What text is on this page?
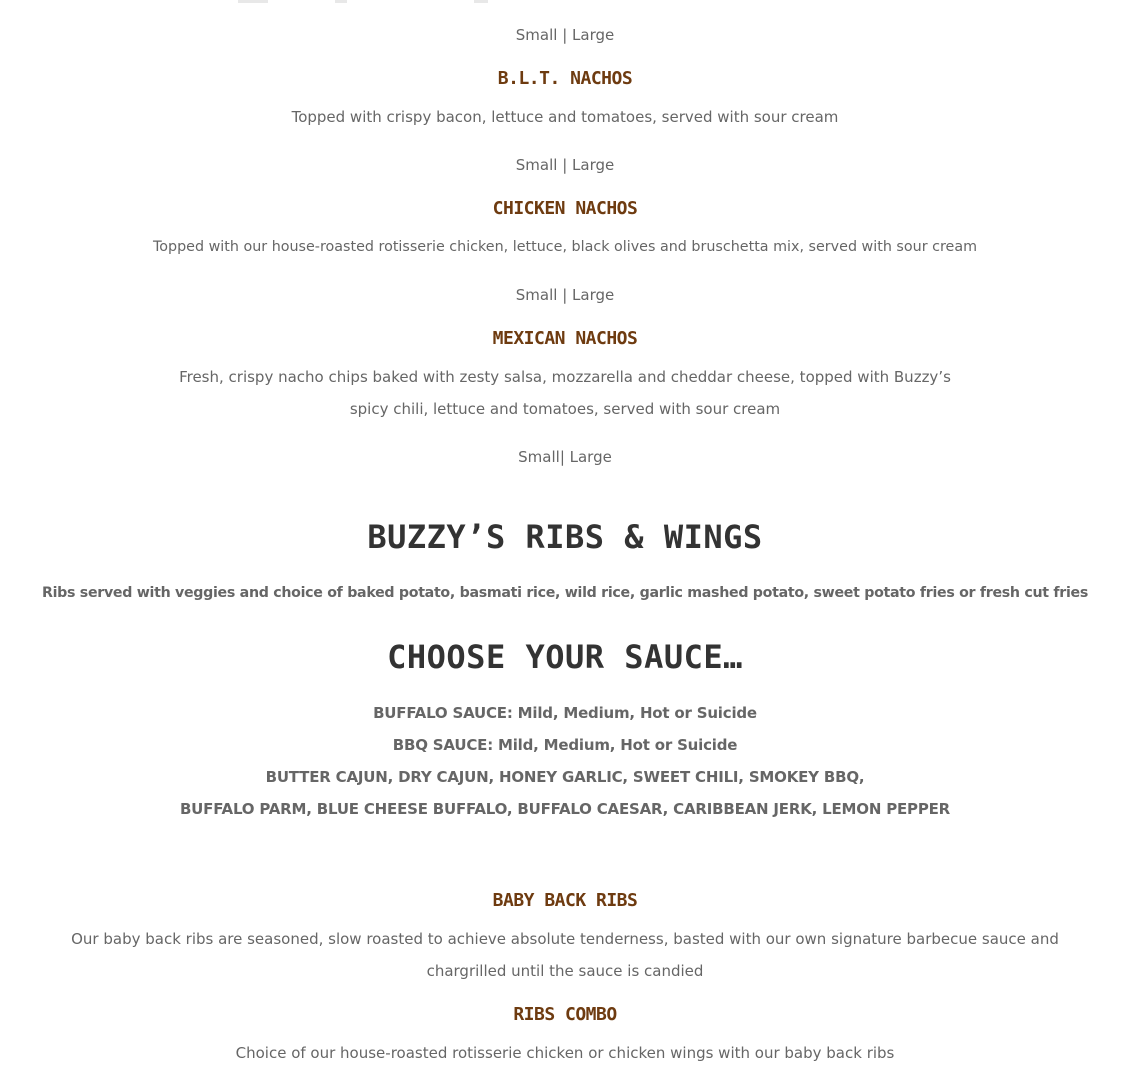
Small | Large
B.L.T. NACHOS
Topped with crispy bacon, lettuce and tomatoes, served with sour cream
Small | Large
CHICKEN NACHOS
Topped with our house-roasted rotisserie chicken, lettuce, black olives and bruschetta mix, served with sour cream
Small | Large
MEXICAN NACHOS
Fresh, crispy nacho chips baked with zesty salsa, mozzarella and cheddar cheese, topped with Buzzy’s
spicy chili, lettuce and tomatoes, served with sour cream
Small| Large
BUZZY’S RIBS & WINGS
Ribs served with veggies and choice of baked potato, basmati rice, wild rice, garlic mashed potato, sweet potato fries or fresh cut fries
CHOOSE YOUR SAUCE…
BUFFALO SAUCE: Mild, Medium, Hot or Suicide
BBQ SAUCE: Mild, Medium, Hot or Suicide
BUTTER CAJUN, DRY CAJUN, HONEY GARLIC, SWEET CHILI, SMOKEY BBQ,
BUFFALO PARM, BLUE CHEESE BUFFALO, BUFFALO CAESAR, CARIBBEAN JERK, LEMON PEPPER
BABY BACK RIBS
Our baby back ribs are seasoned, slow roasted to achieve absolute tenderness, basted with our own signature barbecue sauce and
chargrilled until the sauce is candied
RIBS COMBO
Choice of our house-roasted rotisserie chicken or chicken wings with our baby back ribs
